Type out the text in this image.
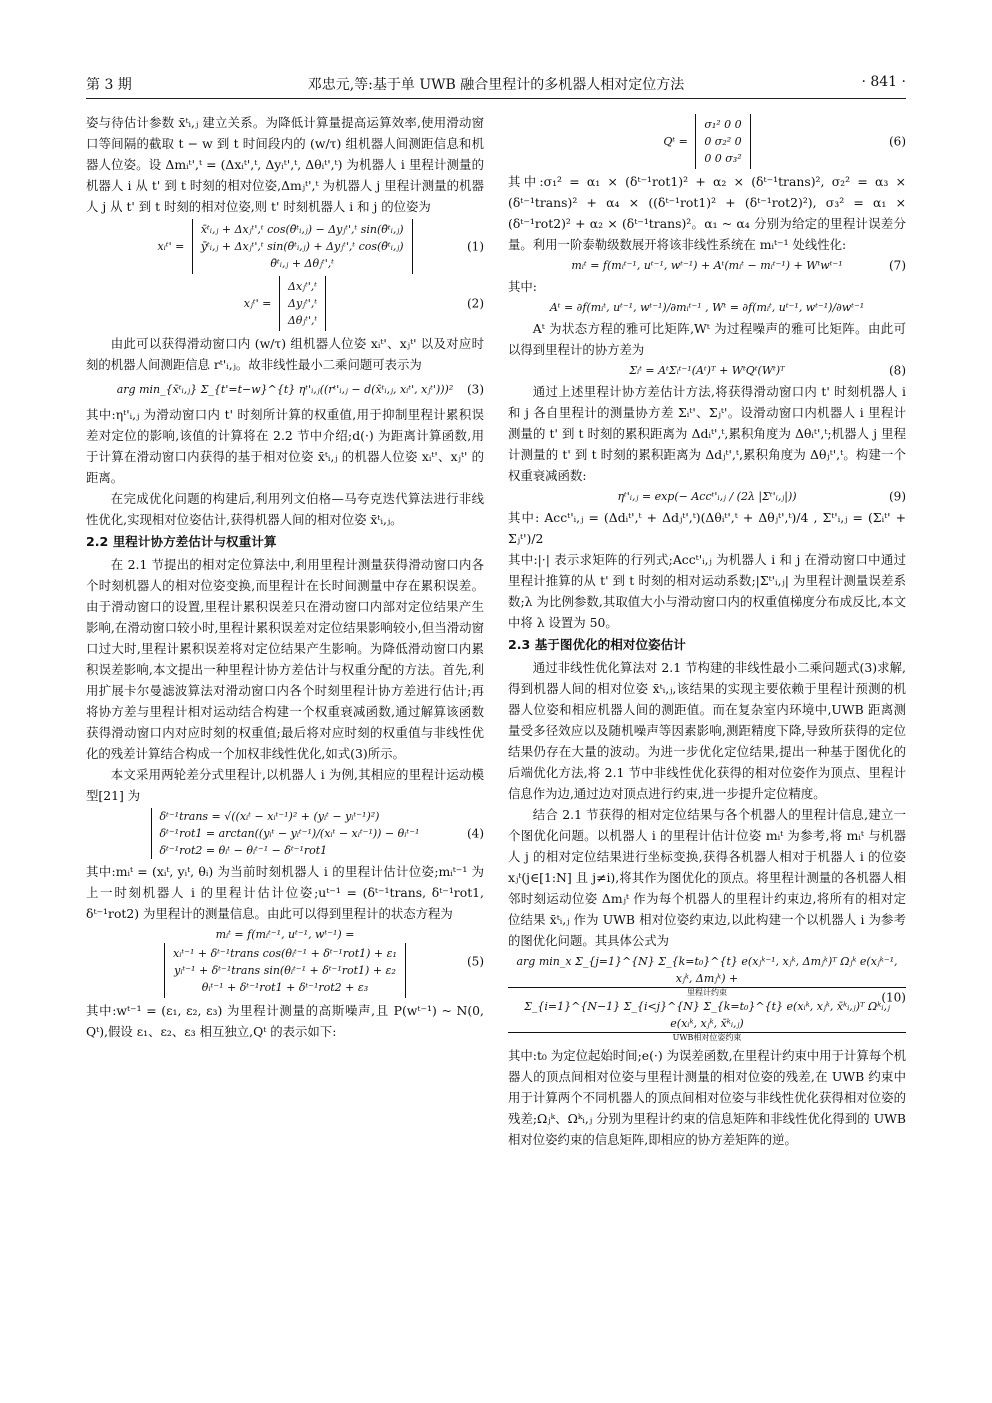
第 3 期	邓忠元,等:基于单 UWB 融合里程计的多机器人相对定位方法	· 841 ·

姿与待估计参数 x̄ᵗᵢ,ⱼ 建立关系。为降低计算量提高运算效率,使用滑动窗口等间隔的截取 t − w 到 t 时间段内的 (w/τ) 组机器人间测距信息和机器人位姿。设 Δmᵢᵗ',ᵗ = (Δxᵢᵗ',ᵗ, Δyᵢᵗ',ᵗ, Δθᵢᵗ',ᵗ) 为机器人 i 里程计测量的机器人 i 从 t' 到 t 时刻的相对位姿,Δmⱼᵗ',ᵗ 为机器人 j 里程计测量的机器人 j 从 t' 到 t 时刻的相对位姿,则 t' 时刻机器人 i 和 j 的位姿为

xᵢᵗ' =
x̄ᵗᵢ,ⱼ + Δxⱼᵗ',ᵗ cos(θ̄ᵗᵢ,ⱼ) − Δyⱼᵗ',ᵗ sin(θ̄ᵗᵢ,ⱼ)
ȳᵗᵢ,ⱼ + Δxⱼᵗ',ᵗ sin(θ̄ᵗᵢ,ⱼ) + Δyⱼᵗ',ᵗ cos(θ̄ᵗᵢ,ⱼ)
θ̄ᵗᵢ,ⱼ + Δθⱼᵗ',ᵗ
(1)
xⱼᵗ' =
Δxⱼᵗ',ᵗ
Δyⱼᵗ',ᵗ
Δθⱼᵗ',ᵗ
(2)

由此可以获得滑动窗口内 (w/τ) 组机器人位姿 xᵢᵗ'、xⱼᵗ' 以及对应时刻的机器人间测距信息 rᵗ'ᵢ,ⱼ。故非线性最小二乘问题可表示为

arg min_{x̄ᵗᵢ,ⱼ} Σ_{t'=t−w}^{t} ηᵗ'ᵢ,ⱼ((rᵗ'ᵢ,ⱼ − d(x̄ᵗᵢ,ⱼ, xᵢᵗ', xⱼᵗ')))² (3)

其中:ηᵗ'ᵢ,ⱼ 为滑动窗口内 t' 时刻所计算的权重值,用于抑制里程计累积误差对定位的影响,该值的计算将在 2.2 节中介绍;d(·) 为距离计算函数,用于计算在滑动窗口内获得的基于相对位姿 x̄ᵗᵢ,ⱼ 的机器人位姿 xᵢᵗ'、xⱼᵗ' 的距离。

在完成优化问题的构建后,利用列文伯格—马夸克迭代算法进行非线性优化,实现相对位姿估计,获得机器人间的相对位姿 x̄ᵗᵢ,ⱼ。

2.2 里程计协方差估计与权重计算

在 2.1 节提出的相对定位算法中,利用里程计测量获得滑动窗口内各个时刻机器人的相对位姿变换,而里程计在长时间测量中存在累积误差。由于滑动窗口的设置,里程计累积误差只在滑动窗口内部对定位结果产生影响,在滑动窗口较小时,里程计累积误差对定位结果影响较小,但当滑动窗口过大时,里程计累积误差将对定位结果产生影响。为降低滑动窗口内累积误差影响,本文提出一种里程计协方差估计与权重分配的方法。首先,利用扩展卡尔曼滤波算法对滑动窗口内各个时刻里程计协方差进行估计;再将协方差与里程计相对运动结合构建一个权重衰减函数,通过解算该函数获得滑动窗口内对应时刻的权重值;最后将对应时刻的权重值与非线性优化的残差计算结合构成一个加权非线性优化,如式(3)所示。

本文采用两轮差分式里程计,以机器人 i 为例,其相应的里程计运动模型[21] 为

δᵗ⁻¹trans = √((xᵢᵗ − xᵢᵗ⁻¹)² + (yᵢᵗ − yᵢᵗ⁻¹)²)
δᵗ⁻¹rot1 = arctan((yᵢᵗ − yᵢᵗ⁻¹)/(xᵢᵗ − xᵢᵗ⁻¹)) − θᵢᵗ⁻¹
δᵗ⁻¹rot2 = θᵢᵗ − θᵢᵗ⁻¹ − δᵗ⁻¹rot1
(4)

其中:mᵢᵗ = (xᵢᵗ, yᵢᵗ, θᵢ) 为当前时刻机器人 i 的里程计估计位姿;mᵢᵗ⁻¹ 为上一时刻机器人 i 的里程计估计位姿;uᵗ⁻¹ = (δᵗ⁻¹trans, δᵗ⁻¹rot1, δᵗ⁻¹rot2) 为里程计的测量信息。由此可以得到里程计的状态方程为

mᵢᵗ = f(mᵢᵗ⁻¹, uᵗ⁻¹, wᵗ⁻¹) =
xᵢᵗ⁻¹ + δᵗ⁻¹trans cos(θᵢᵗ⁻¹ + δᵗ⁻¹rot1) + ε₁
yᵢᵗ⁻¹ + δᵗ⁻¹trans sin(θᵢᵗ⁻¹ + δᵗ⁻¹rot1) + ε₂
θᵢᵗ⁻¹ + δᵗ⁻¹rot1 + δᵗ⁻¹rot2 + ε₃
(5)

其中:wᵗ⁻¹ = (ε₁, ε₂, ε₃) 为里程计测量的高斯噪声,且 P(wᵗ⁻¹) ~ N(0, Qᵗ),假设 ε₁、ε₂、ε₃ 相互独立,Qᵗ 的表示如下:

Qᵗ =
σ₁² 0 0
0 σ₂² 0
0 0 σ₃²
(6)

其中:σ₁² = α₁ × (δᵗ⁻¹rot1)² + α₂ × (δᵗ⁻¹trans)², σ₂² = α₃ × (δᵗ⁻¹trans)² + α₄ × ((δᵗ⁻¹rot1)² + (δᵗ⁻¹rot2)²), σ₃² = α₁ × (δᵗ⁻¹rot2)² + α₂ × (δᵗ⁻¹trans)²。α₁ ~ α₄ 分别为给定的里程计误差分量。利用一阶泰勒级数展开将该非线性系统在 mᵢᵗ⁻¹ 处线性化:

mᵢᵗ = f(mᵢᵗ⁻¹, uᵗ⁻¹, wᵗ⁻¹) + Aᵗ(mᵢᵗ − mᵢᵗ⁻¹) + Wᵗwᵗ⁻¹	(7)

其中:

Aᵗ = ∂f(mᵢᵗ, uᵗ⁻¹, wᵗ⁻¹)/∂mᵢᵗ⁻¹ , Wᵗ = ∂f(mᵢᵗ, uᵗ⁻¹, wᵗ⁻¹)/∂wᵗ⁻¹

Aᵗ 为状态方程的雅可比矩阵,Wᵗ 为过程噪声的雅可比矩阵。由此可以得到里程计的协方差为

Σᵢᵗ = AᵗΣᵢᵗ⁻¹(Aᵗ)ᵀ + WᵗQᵗ(Wᵗ)ᵀ	(8)

通过上述里程计协方差估计方法,将获得滑动窗口内 t' 时刻机器人 i 和 j 各自里程计的测量协方差 Σᵢᵗ'、Σⱼᵗ'。设滑动窗口内机器人 i 里程计测量的 t' 到 t 时刻的累积距离为 Δdᵢᵗ',ᵗ,累积角度为 Δθᵢᵗ',ᵗ;机器人 j 里程计测量的 t' 到 t 时刻的累积距离为 Δdⱼᵗ',ᵗ,累积角度为 Δθⱼᵗ',ᵗ。构建一个权重衰减函数:

ηᵗ'ᵢ,ⱼ = exp(− Accᵗ'ᵢ,ⱼ / (2λ |Σᵗ'ᵢ,ⱼ|))	(9)

其中: Accᵗ'ᵢ,ⱼ = (Δdᵢᵗ',ᵗ + Δdⱼᵗ',ᵗ)(Δθᵢᵗ',ᵗ + Δθⱼᵗ',ᵗ)/4 , Σᵗ'ᵢ,ⱼ = (Σᵢᵗ' + Σⱼᵗ')/2

其中:|·| 表示求矩阵的行列式;Accᵗ'ᵢ,ⱼ 为机器人 i 和 j 在滑动窗口中通过里程计推算的从 t' 到 t 时刻的相对运动系数;|Σᵗ'ᵢ,ⱼ| 为里程计测量误差系数;λ 为比例参数,其取值大小与滑动窗口内的权重值梯度分布成反比,本文中将 λ 设置为 50。

2.3 基于图优化的相对位姿估计

通过非线性优化算法对 2.1 节构建的非线性最小二乘问题式(3)求解,得到机器人间的相对位姿 x̄ᵗᵢ,ⱼ,该结果的实现主要依赖于里程计预测的机器人位姿和相应机器人间的测距值。而在复杂室内环境中,UWB 距离测量受多径效应以及随机噪声等因素影响,测距精度下降,导致所获得的定位结果仍存在大量的波动。为进一步优化定位结果,提出一种基于图优化的后端优化方法,将 2.1 节中非线性优化获得的相对位姿作为顶点、里程计信息作为边,通过边对顶点进行约束,进一步提升定位精度。

结合 2.1 节获得的相对定位结果与各个机器人的里程计信息,建立一个图优化问题。以机器人 i 的里程计估计位姿 mᵢᵗ 为参考,将 mᵢᵗ 与机器人 j 的相对定位结果进行坐标变换,获得各机器人相对于机器人 i 的位姿 xⱼᵗ(j∈[1:N] 且 j≠i),将其作为图优化的顶点。将里程计测量的各机器人相邻时刻运动位姿 Δmⱼᵗ 作为每个机器人的里程计约束边,将所有的相对定位结果 x̄ᵗᵢ,ⱼ 作为 UWB 相对位姿约束边,以此构建一个以机器人 i 为参考的图优化问题。其具体公式为

arg min_x Σ_{j=1}^{N} Σ_{k=t₀}^{t} e(xⱼᵏ⁻¹, xⱼᵏ, Δmⱼᵏ)ᵀ Ωⱼᵏ e(xⱼᵏ⁻¹, xⱼᵏ, Δmⱼᵏ) +
里程计约束
Σ_{i=1}^{N−1} Σ_{i<j}^{N} Σ_{k=t₀}^{t} e(xᵢᵏ, xⱼᵏ, x̄ᵏᵢ,ⱼ)ᵀ Ωᵏᵢ,ⱼ e(xᵢᵏ, xⱼᵏ, x̄ᵏᵢ,ⱼ)
UWB相对位姿约束
(10)

其中:t₀ 为定位起始时间;e(·) 为误差函数,在里程计约束中用于计算每个机器人的顶点间相对位姿与里程计测量的相对位姿的残差,在 UWB 约束中用于计算两个不同机器人的顶点间相对位姿与非线性优化获得相对位姿的残差;Ωⱼᵏ、Ωᵏᵢ,ⱼ 分别为里程计约束的信息矩阵和非线性优化得到的 UWB 相对位姿约束的信息矩阵,即相应的协方差矩阵的逆。
